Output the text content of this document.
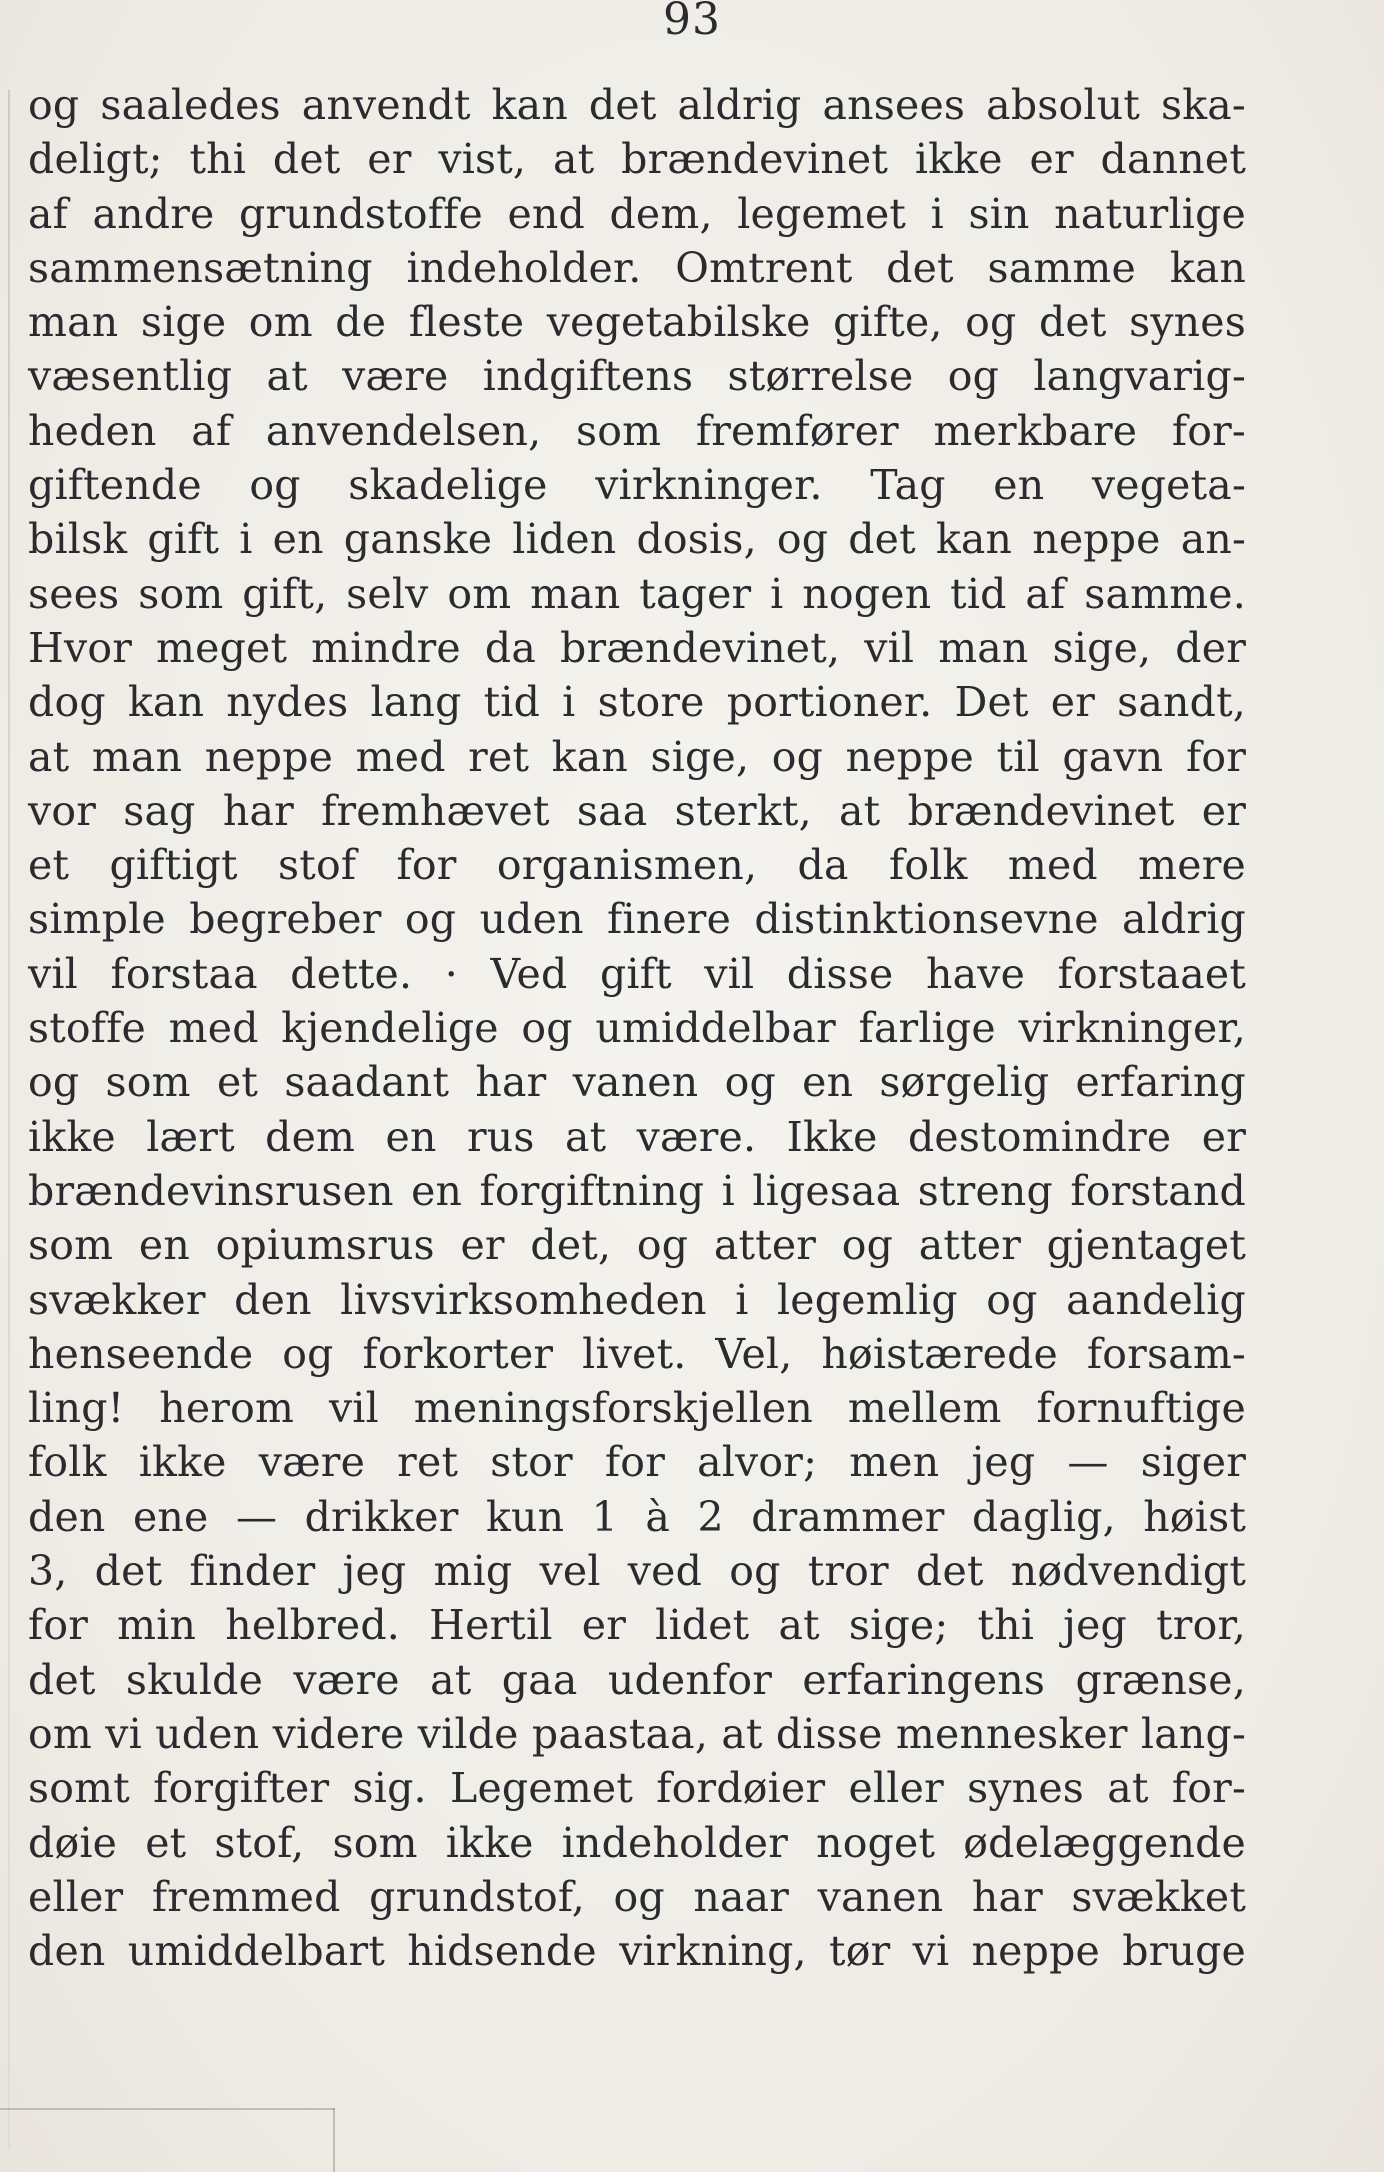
93
og saaledes anvendt kan det aldrig ansees absolut ska-
deligt; thi det er vist, at brændevinet ikke er dannet
af andre grundstoffe end dem, legemet i sin naturlige
sammensætning indeholder. Omtrent det samme kan
man sige om de fleste vegetabilske gifte, og det synes
væsentlig at være indgiftens størrelse og langvarig-
heden af anvendelsen, som fremfører merkbare for-
giftende og skadelige virkninger. Tag en vegeta-
bilsk gift i en ganske liden dosis, og det kan neppe an-
sees som gift, selv om man tager i nogen tid af samme.
Hvor meget mindre da brændevinet, vil man sige, der
dog kan nydes lang tid i store portioner. Det er sandt,
at man neppe med ret kan sige, og neppe til gavn for
vor sag har fremhævet saa sterkt, at brændevinet er
et giftigt stof for organismen, da folk med mere
simple begreber og uden finere distinktionsevne aldrig
vil forstaa dette. · Ved gift vil disse have forstaaet
stoffe med kjendelige og umiddelbar farlige virkninger,
og som et saadant har vanen og en sørgelig erfaring
ikke lært dem en rus at være. Ikke destomindre er
brændevinsrusen en forgiftning i ligesaa streng forstand
som en opiumsrus er det, og atter og atter gjentaget
svækker den livsvirksomheden i legemlig og aandelig
henseende og forkorter livet. Vel, høistærede forsam-
ling! herom vil meningsforskjellen mellem fornuftige
folk ikke være ret stor for alvor; men jeg — siger
den ene — drikker kun 1 à 2 drammer daglig, høist
3, det finder jeg mig vel ved og tror det nødvendigt
for min helbred. Hertil er lidet at sige; thi jeg tror,
det skulde være at gaa udenfor erfaringens grænse,
om vi uden videre vilde paastaa, at disse mennesker lang-
somt forgifter sig. Legemet fordøier eller synes at for-
døie et stof, som ikke indeholder noget ødelæggende
eller fremmed grundstof, og naar vanen har svækket
den umiddelbart hidsende virkning, tør vi neppe bruge
